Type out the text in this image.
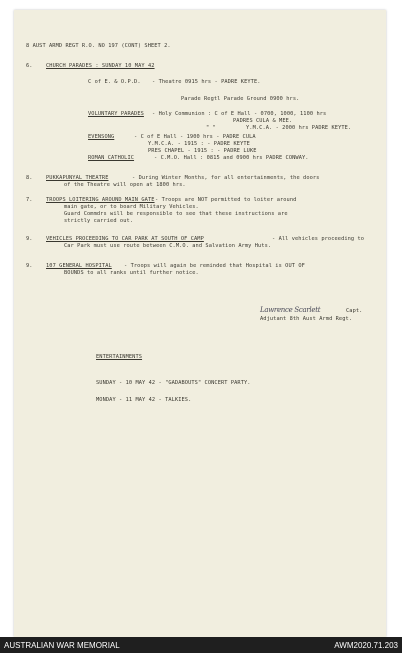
8 AUST ARMD REGT R.O. NO 197 (CONT) SHEET 2.
6.	CHURCH PARADES : SUNDAY 10 MAY 42
C of E. & O.P.D. - Theatre 0915 hrs - PADRE KEYTE.
Parade Regtl Parade Ground 0900 hrs.
VOLUNTARY PARADES - Holy Communion : C of E Hall - 0700, 1000, 1100 hrs
PADRES CULA & MEE.
" "	Y.M.C.A. - 2000 hrs PADRE KEYTE.
EVENSONG	- C of E Hall - 1900 hrs - PADRE CULA
Y.M.C.A. - 1915 : - PADRE KEYTE
PRES CHAPEL - 1915 : - PADRE LUKE
ROMAN CATHOLIC	- C.M.O. Hall : 0815 and 0900 hrs PADRE CONWAY.
8.	PUKKAPUNYAL THEATRE	- During Winter Months, for all entertainments, the doors
of the Theatre will open at 1800 hrs.
7.	TROOPS LOITERING AROUND MAIN GATE - Troops are NOT permitted to loiter around
main gate, or to board Military Vehicles.
Guard Commdrs will be responsible to see that these instructions are
strictly carried out.
9.	VEHICLES PROCEEDING TO CAR PARK AT SOUTH OF CAMP	- All vehicles proceeding to
Car Park must use route between C.M.O. and Salvation Army Huts.
9.	107 GENERAL HOSPITAL - Troops will again be reminded that Hospital is OUT OF
BOUNDS to all ranks until further notice.
Lawrence Scarlett	Capt.
Adjutant 8th Aust Armd Regt.
ENTERTAINMENTS
SUNDAY - 10 MAY 42 - "GADABOUTS" CONCERT PARTY.
MONDAY - 11 MAY 42 - TALKIES.
AUSTRALIAN WAR MEMORIAL	AWM2020.71.203
